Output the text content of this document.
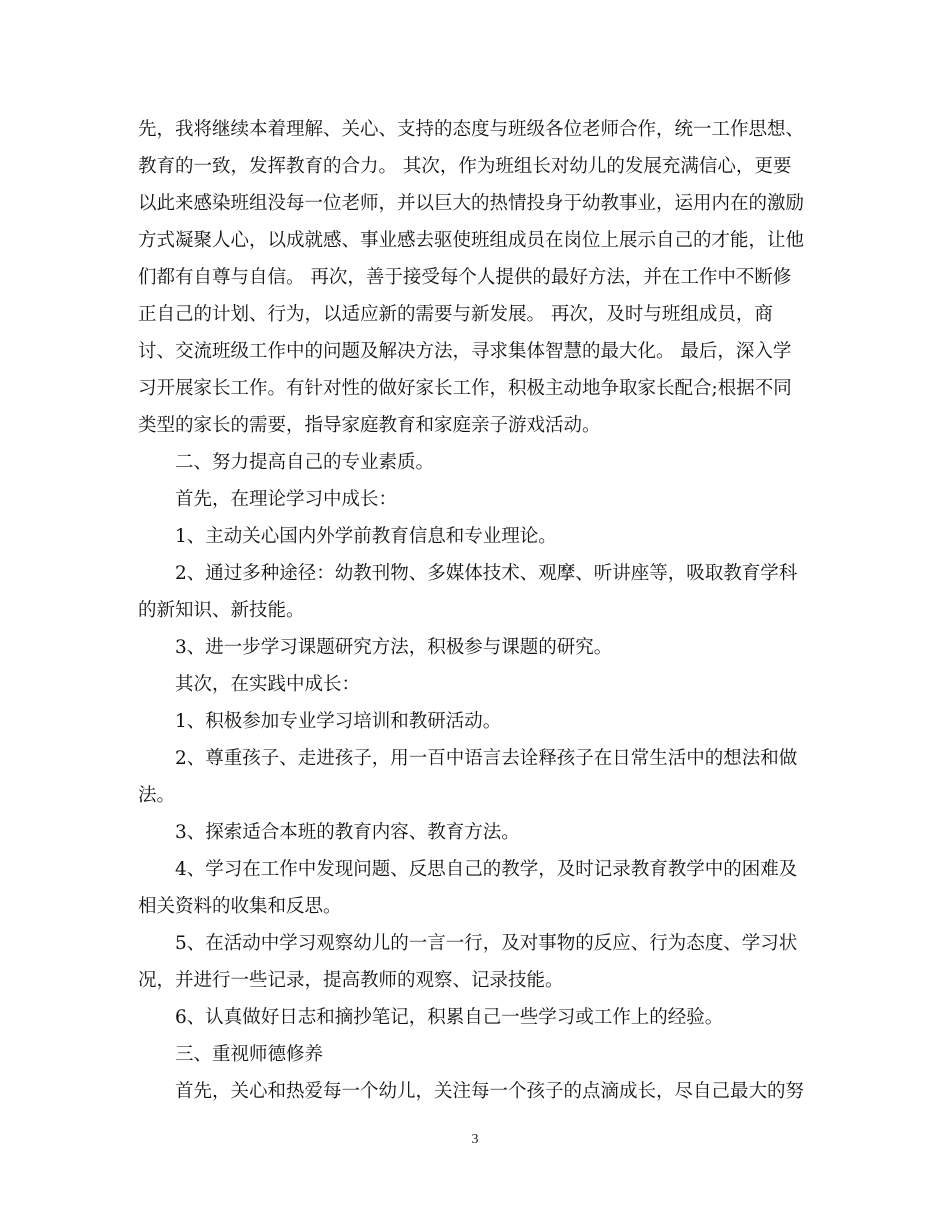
先，我将继续本着理解、关心、支持的态度与班级各位老师合作，统一工作思想、
教育的一致，发挥教育的合力。 其次，作为班组长对幼儿的发展充满信心，更要
以此来感染班组没每一位老师，并以巨大的热情投身于幼教事业，运用内在的激励
方式凝聚人心，以成就感、事业感去驱使班组成员在岗位上展示自己的才能，让他
们都有自尊与自信。 再次，善于接受每个人提供的最好方法，并在工作中不断修
正自己的计划、行为，以适应新的需要与新发展。 再次，及时与班组成员，商
讨、交流班级工作中的问题及解决方法，寻求集体智慧的最大化。 最后，深入学
习开展家长工作。有针对性的做好家长工作，积极主动地争取家长配合;根据不同
类型的家长的需要，指导家庭教育和家庭亲子游戏活动。
二、努力提高自己的专业素质。
首先，在理论学习中成长：
1、主动关心国内外学前教育信息和专业理论。
2、通过多种途径：幼教刊物、多媒体技术、观摩、听讲座等，吸取教育学科
的新知识、新技能。
3、进一步学习课题研究方法，积极参与课题的研究。
其次，在实践中成长：
1、积极参加专业学习培训和教研活动。
2、尊重孩子、走进孩子，用一百中语言去诠释孩子在日常生活中的想法和做
法。
3、探索适合本班的教育内容、教育方法。
4、学习在工作中发现问题、反思自己的教学，及时记录教育教学中的困难及
相关资料的收集和反思。
5、在活动中学习观察幼儿的一言一行，及对事物的反应、行为态度、学习状
况，并进行一些记录，提高教师的观察、记录技能。
6、认真做好日志和摘抄笔记，积累自己一些学习或工作上的经验。
三、重视师德修养
首先，关心和热爱每一个幼儿，关注每一个孩子的点滴成长，尽自己最大的努
3
